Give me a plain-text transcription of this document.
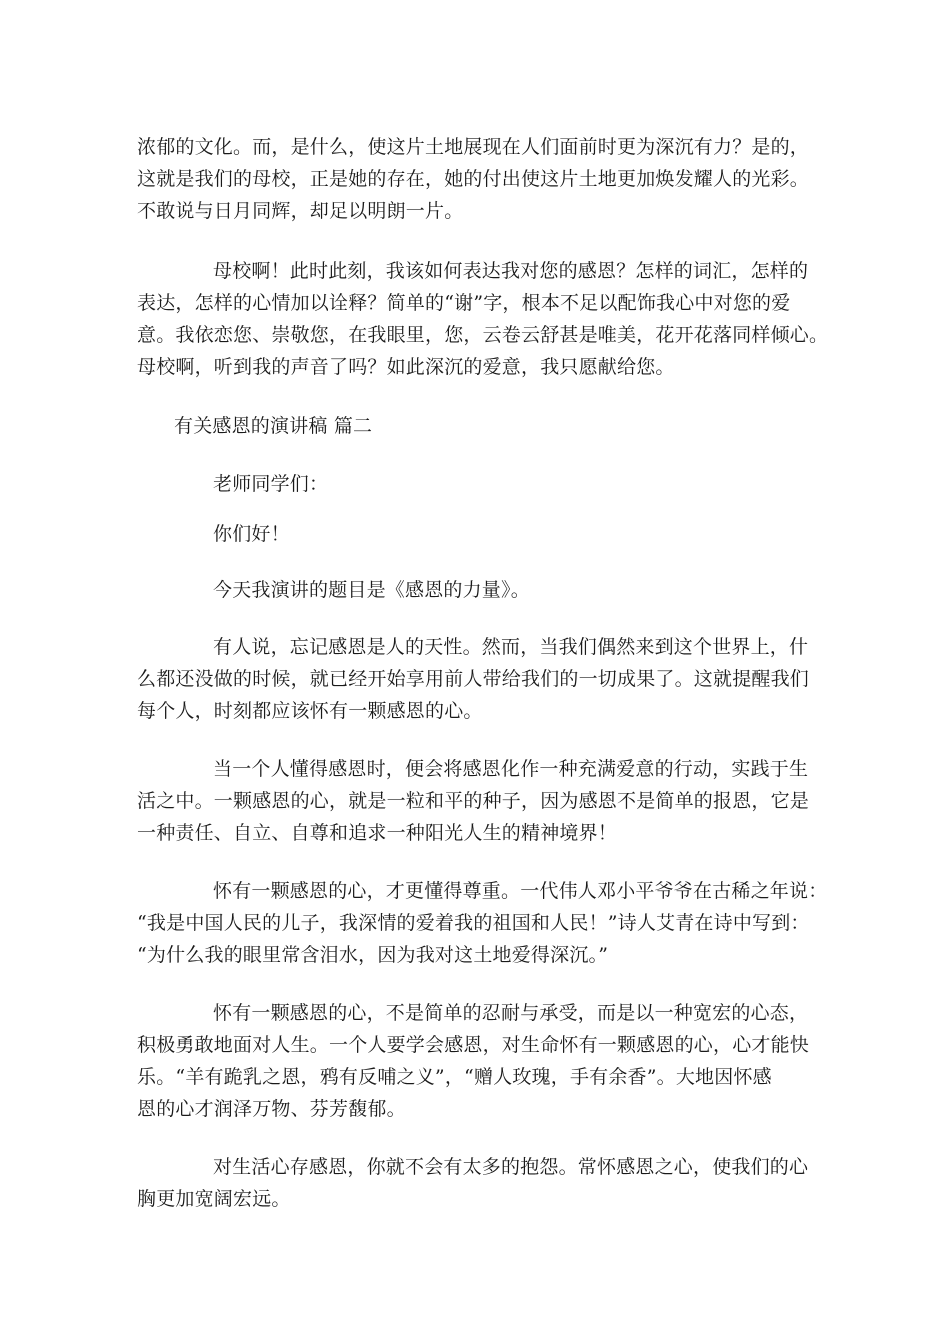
浓郁的文化。而，是什么，使这片土地展现在人们面前时更为深沉有力？是的，
这就是我们的母校，正是她的存在，她的付出使这片土地更加焕发耀人的光彩。
不敢说与日月同辉，却足以明朗一片。
母校啊！此时此刻，我该如何表达我对您的感恩？怎样的词汇，怎样的
表达，怎样的心情加以诠释？简单的“谢”字，根本不足以配饰我心中对您的爱
意。我依恋您、崇敬您，在我眼里，您，云卷云舒甚是唯美，花开花落同样倾心。
母校啊，听到我的声音了吗？如此深沉的爱意，我只愿献给您。
有关感恩的演讲稿 篇二
老师同学们：
你们好！
今天我演讲的题目是《感恩的力量》。
有人说，忘记感恩是人的天性。然而，当我们偶然来到这个世界上，什
么都还没做的时候，就已经开始享用前人带给我们的一切成果了。这就提醒我们
每个人，时刻都应该怀有一颗感恩的心。
当一个人懂得感恩时，便会将感恩化作一种充满爱意的行动，实践于生
活之中。一颗感恩的心，就是一粒和平的种子，因为感恩不是简单的报恩，它是
一种责任、自立、自尊和追求一种阳光人生的精神境界！
怀有一颗感恩的心，才更懂得尊重。一代伟人邓小平爷爷在古稀之年说：
“我是中国人民的儿子，我深情的爱着我的祖国和人民！”诗人艾青在诗中写到：
“为什么我的眼里常含泪水，因为我对这土地爱得深沉。”
怀有一颗感恩的心，不是简单的忍耐与承受，而是以一种宽宏的心态，
积极勇敢地面对人生。一个人要学会感恩，对生命怀有一颗感恩的心，心才能快
乐。“羊有跪乳之恩，鸦有反哺之义”，“赠人玫瑰，手有余香”。大地因怀感
恩的心才润泽万物、芬芳馥郁。
对生活心存感恩，你就不会有太多的抱怨。常怀感恩之心，使我们的心
胸更加宽阔宏远。
